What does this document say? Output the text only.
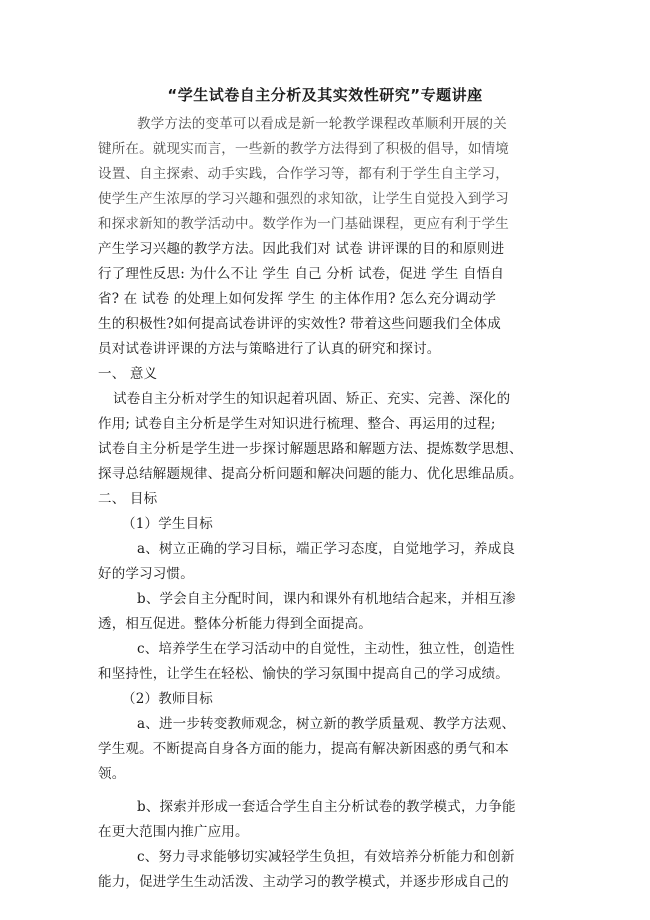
“学生试卷自主分析及其实效性研究”专题讲座
教学方法的变革可以看成是新一轮教学课程改革顺利开展的关
键所在。就现实而言，一些新的教学方法得到了积极的倡导，如情境
设置、自主探索、动手实践，合作学习等，都有利于学生自主学习，
使学生产生浓厚的学习兴趣和强烈的求知欲，让学生自觉投入到学习
和探求新知的教学活动中。数学作为一门基础课程，更应有利于学生
产生学习兴趣的教学方法。因此我们对 试卷 讲评课的目的和原则进
行了理性反思: 为什么不让 学生 自己 分析 试卷，促进 学生 自悟自
省? 在 试卷 的处理上如何发挥 学生 的主体作用? 怎么充分调动学
生的积极性?如何提高试卷讲评的实效性? 带着这些问题我们全体成
员对试卷讲评课的方法与策略进行了认真的研究和探讨。
一、 意义
试卷自主分析对学生的知识起着巩固、矫正、充实、完善、深化的
作用; 试卷自主分析是学生对知识进行梳理、整合、再运用的过程;
试卷自主分析是学生进一步探讨解题思路和解题方法、提炼数学思想、
探寻总结解题规律、提高分析问题和解决问题的能力、优化思维品质。
二、 目标
（1）学生目标
a、树立正确的学习目标，端正学习态度，自觉地学习，养成良
好的学习习惯。
b、学会自主分配时间，课内和课外有机地结合起来，并相互渗
透，相互促进。整体分析能力得到全面提高。
c、培养学生在学习活动中的自觉性，主动性，独立性，创造性
和坚持性，让学生在轻松、愉快的学习氛围中提高自己的学习成绩。
（2）教师目标
a、进一步转变教师观念，树立新的教学质量观、教学方法观、
学生观。不断提高自身各方面的能力，提高有解决新困惑的勇气和本
领。
b、探索并形成一套适合学生自主分析试卷的教学模式，力争能
在更大范围内推广应用。
c、努力寻求能够切实减轻学生负担，有效培养分析能力和创新
能力，促进学生生动活泼、主动学习的教学模式，并逐步形成自己的
